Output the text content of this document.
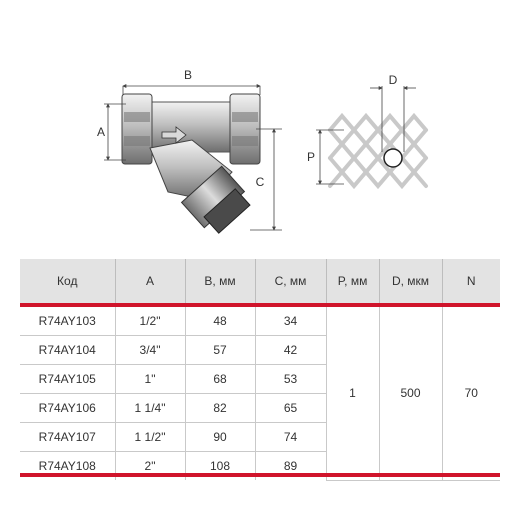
B
A
C
D
P
Код	A	B, мм	C, мм	P, мм	D, мкм	N
R74AY103	1/2"	48	34	1	500	70
R74AY104	3/4"	57	42			
R74AY105	1"	68	53			
R74AY106	1 1/4"	82	65			
R74AY107	1 1/2"	90	74			
R74AY108	2"	108	89			
